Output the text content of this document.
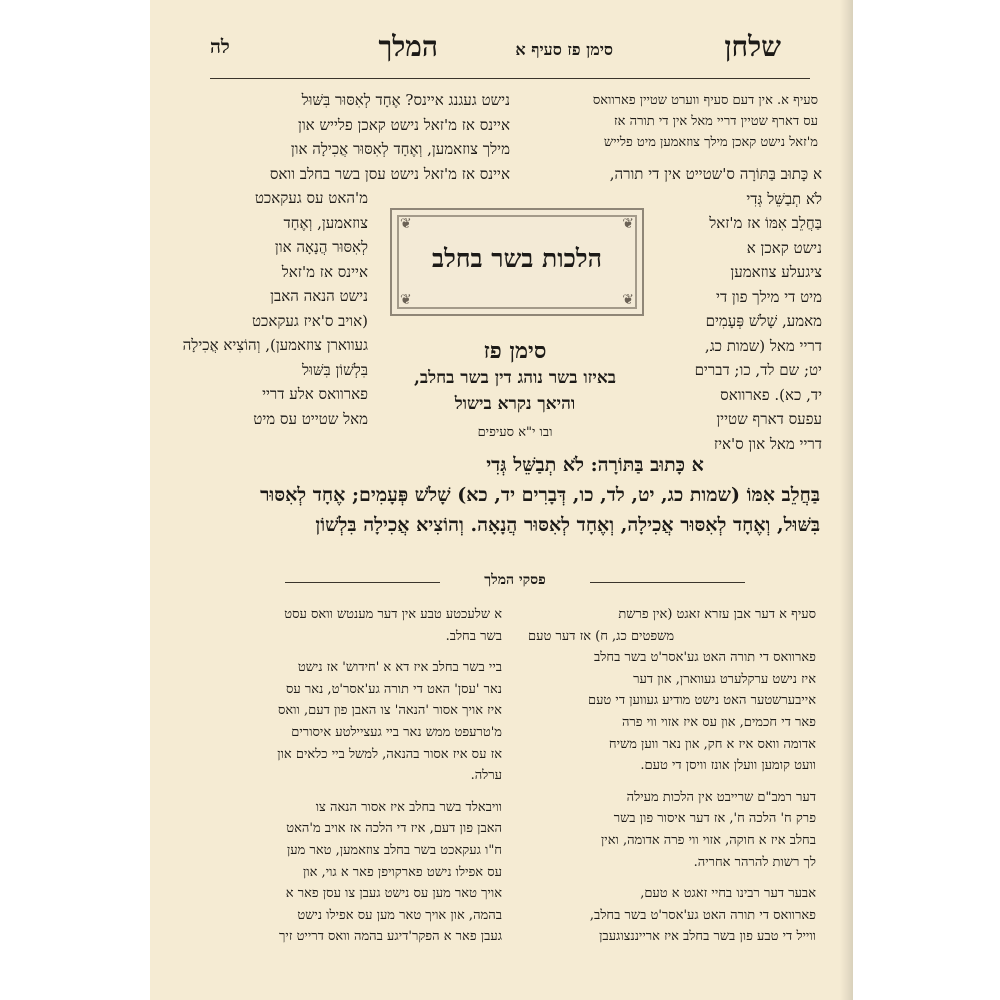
שלחן
סימן פז סעיף א
המלך
לה
סעיף א. אין דעם סעיף ווערט שטיין פארוואס
עס דארף שטיין דריי מאל אין די תורה אז
מ'זאל נישט קאכן מילך צוזאמען מיט פלייש
נישט געגנג איינס? אֶחָד לְאִסּוּר בִּשּׁוּל
איינס אז מ'זאל נישט קאכן פלייש און
מילך צוזאמען, וְאֶחָד לְאִסּוּר אֲכִילָה און
איינס אז מ'זאל נישט עסן בשר בחלב וואס	א כָּתוּב בַּתּוֹרָה ס'שטייט אין די תורה,
לֹא תְבַשֵּׁל גְּדִי
בַּחֲלֵב אִמּוֹ אז מ'זאל
נישט קאכן א
ציגעלע צוזאמען
מיט די מילך פון די
מאמע, שָׁלֹשׁ פְּעָמִים
דריי מאל (שמות כג,
יט; שם לד, כו; דברים
יד, כא). פארוואס
עפעס דארף שטיין
דריי מאל און ס'איז
מ'האט עס געקאכט
צוזאמען, וְאֶחָד
לְאִסּוּר הֲנָאָה און
איינס אז מ'זאל
נישט הנאה האבן
(אויב ס'איז געקאכט
געווארן צוזאמען), וְהוֹצִיא אֲכִילָה
בִּלְשׁוֹן בִּשּׁוּל
פארוואס אלע דריי
מאל שטייט עס מיט
❦	❦
❦	❦
הלכות בשר בחלב
סימן פז
באיזו בשר נוהג דין בשר בחלב,
והיאך נקרא בישול
ובו י"א סעיפים
א כָּתוּב בַּתּוֹרָה: לֹא תְבַשֵּׁל גְּדִי
בַּחֲלֵב אִמּוֹ (שמות כג, יט, לד, כו, דְּבָרִים יד, כא) שָׁלֹשׁ פְּעָמִים; אֶחָד לְאִסּוּר
בִּשּׁוּל, וְאֶחָד לְאִסּוּר אֲכִילָה, וְאֶחָד לְאִסּוּר הֲנָאָה. וְהוֹצִיא אֲכִילָה בִּלְשׁוֹן
פסקי המלך
סעיף א דער אבן עזרא זאגט (אין פרשת
משפטים כג, ח) אז דער טעם
פארוואס די תורה האט גע'אסר'ט בשר בחלב
איז נישט ערקלערט געווארן, און דער
אייבערשטער האט נישט מודיע געווען די טעם
פאר די חכמים, און עס איז אזוי ווי פרה
אדומה וואס איז א חק, און נאר ווען משיח
וועט קומען וועלן אונז וויסן די טעם.
דער רמב"ם שרייבט אין הלכות מעילה
פרק ח' הלכה ח', אז דער איסור פון בשר
בחלב איז א חוקה, אזוי ווי פרה אדומה, ואין
לך רשות להרהר אחריה.
אבער דער רבינו בחיי זאגט א טעם,
פארוואס די תורה האט גע'אסר'ט בשר בחלב,
ווייל די טבע פון בשר בחלב איז ארייננצוגעבן
א שלעכטע טבע אין דער מענטש וואס עסט
בשר בחלב.
ביי בשר בחלב איז דא א 'חידוש' אז נישט
נאר 'עסן' האט די תורה גע'אסר'ט, נאר עס
איז אויך אסור 'הנאה' צו האבן פון דעם, וואס
מ'טרעפט ממש נאר ביי געציילטע איסורים
אז עס איז אסור בהנאה, למשל ביי כלאים און
ערלה.
וויבאלד בשר בחלב איז אסור הנאה צו
האבן פון דעם, איז די הלכה אז אויב מ'האט
ח"ו געקאכט בשר בחלב צוזאמען, טאר מען
עס אפילו נישט פארקויפן פאר א גוי, און
אויך טאר מען עס נישט געבן צו עסן פאר א
בהמה, און אויך טאר מען עס אפילו נישט
געבן פאר א הפקר'דיגע בהמה וואס דרייט זיך
